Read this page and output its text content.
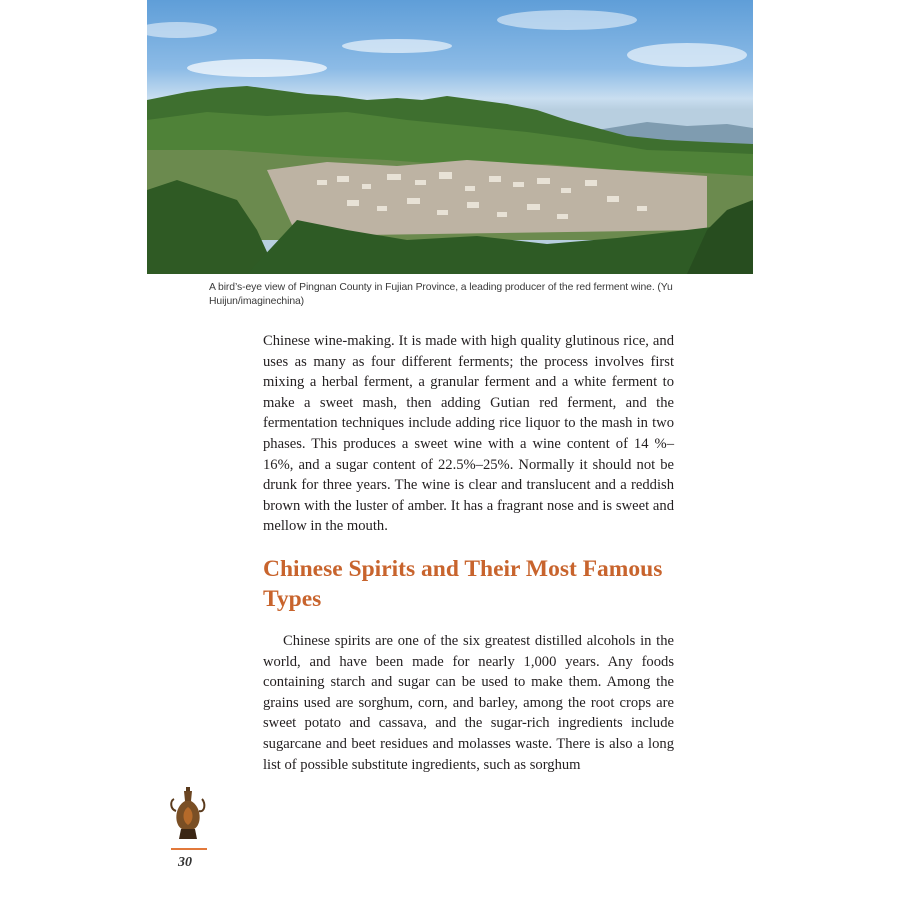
A bird’s-eye view of Pingnan County in Fujian Province, a leading producer of the red ferment wine. (Yu Huijun/imaginechina)

Chinese wine-making. It is made with high quality glutinous rice, and uses as many as four different ferments; the process involves first mixing a herbal ferment, a granular ferment and a white ferment to make a sweet mash, then adding Gutian red ferment, and the fermentation techniques include adding rice liquor to the mash in two phases. This produces a sweet wine with a wine content of 14 %–16%, and a sugar content of 22.5%–25%. Normally it should not be drunk for three years. The wine is clear and translucent and a reddish brown with the luster of amber. It has a fragrant nose and is sweet and mellow in the mouth.

Chinese Spirits and Their Most Famous Types

Chinese spirits are one of the six greatest distilled alcohols in the world, and have been made for nearly 1,000 years. Any foods containing starch and sugar can be used to make them. Among the grains used are sorghum, corn, and barley, among the root crops are sweet potato and cassava, and the sugar-rich ingredients include sugarcane and beet residues and molasses waste. There is also a long list of possible substitute ingredients, such as sorghum

30
